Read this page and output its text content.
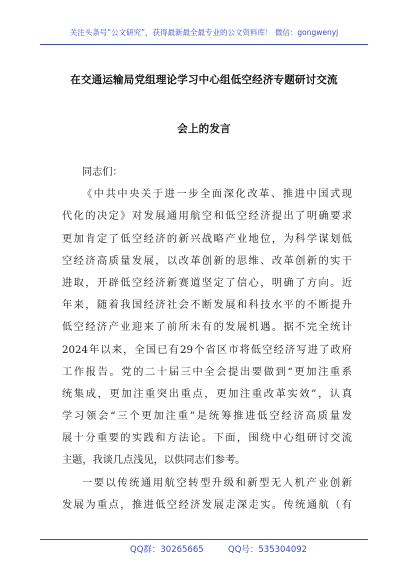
关注头条号“公文研究”，获得最新最全最专业的公文资料库！ 微信：gongwenyj
在交通运输局党组理论学习中心组低空经济专题研讨交流
会上的发言
同志们：
《中共中央关于进一步全面深化改革、推进中国式现
代化的决定》对发展通用航空和低空经济提出了明确要求
更加肯定了低空经济的新兴战略产业地位，为科学谋划低
空经济高质量发展，以改革创新的思维、改革创新的实干
进取，开辟低空经济新赛道坚定了信心，明确了方向。近
年来，随着我国经济社会不断发展和科技水平的不断提升
低空经济产业迎来了前所未有的发展机遇。据不完全统计
2024年以来，全国已有29个省区市将低空经济写进了政府
工作报告。党的二十届三中全会提出要做到“更加注重系
统集成，更加注重突出重点，更加注重改革实效”，认真
学习领会“三个更加注重”是统筹推进低空经济高质量发
展十分重要的实践和方法论。下面，围绕中心组研讨交流
主题，我谈几点浅见，以供同志们参考。
一要以传统通用航空转型升级和新型无人机产业创新
发展为重点，推进低空经济发展走深走实。传统通航（有
QQ群：30265665	QQ号：535304092
